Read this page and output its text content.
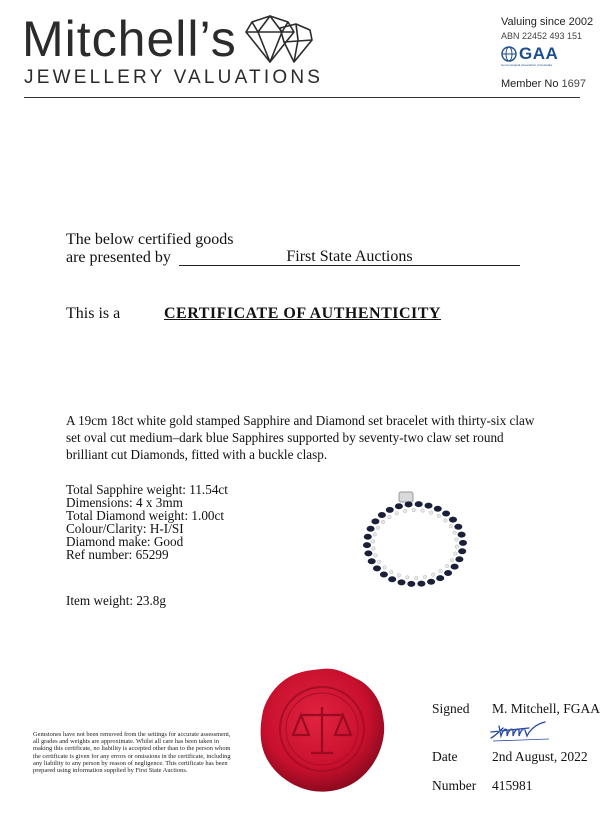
Mitchell’s
JEWELLERY VALUATIONS
Valuing since 2002
ABN 22452 493 151
GAA
Gemmological Association of Australia
Member No 1697
The below certified goods
are presented by	First State Auctions
This is a	CERTIFICATE OF AUTHENTICITY
A 19cm 18ct white gold stamped Sapphire and Diamond set bracelet with thirty-six claw set oval cut medium–dark blue Sapphires supported by seventy-two claw set round brilliant cut Diamonds, fitted with a buckle clasp.
Total Sapphire weight: 11.54ct
Dimensions: 4 x 3mm
Total Diamond weight: 1.00ct
Colour/Clarity: H-I/SI
Diamond make: Good
Ref number: 65299
Item weight: 23.8g
Gemstones have not been removed from the settings for accurate assessment, all grades and weights are approximate. Whilst all care has been taken in making this certificate, no liability is accepted other than to the person whom the certificate is given for any errors or omissions in the certificate, including any liability to any person by reason of negligence. This certificate has been prepared using information supplied by First State Auctions.
Signed M. Mitchell, FGAA
Date	2nd August, 2022
Number 415981
